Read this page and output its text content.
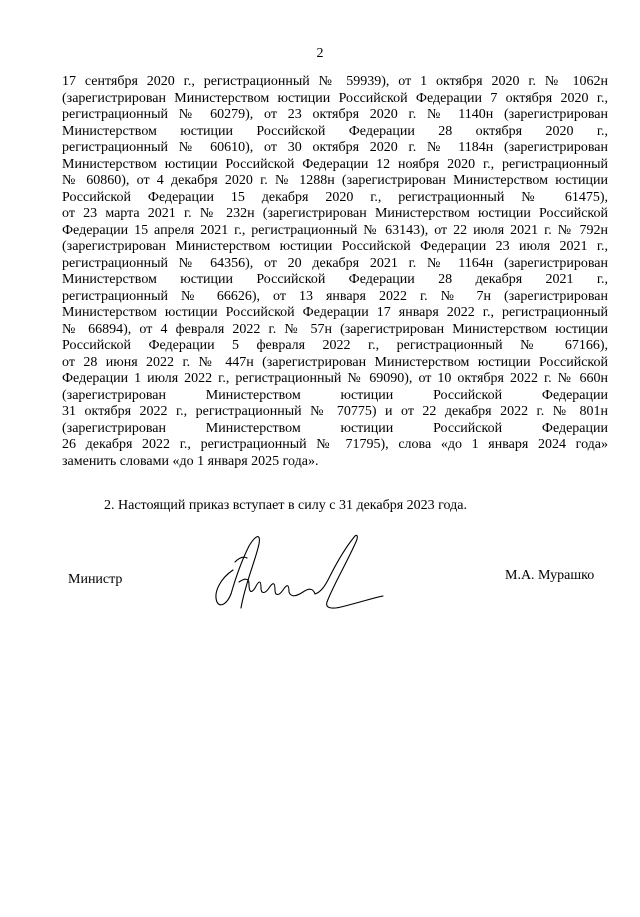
2
17 сентября 2020 г., регистрационный № 59939), от 1 октября 2020 г. № 1062н
(зарегистрирован Министерством юстиции Российской Федерации 7 октября 2020 г.,
регистрационный № 60279), от 23 октября 2020 г. № 1140н (зарегистрирован
Министерством юстиции Российской Федерации 28 октября 2020 г.,
регистрационный № 60610), от 30 октября 2020 г. № 1184н (зарегистрирован
Министерством юстиции Российской Федерации 12 ноября 2020 г., регистрационный
№ 60860), от 4 декабря 2020 г. № 1288н (зарегистрирован Министерством юстиции
Российской Федерации 15 декабря 2020 г., регистрационный № 61475),
от 23 марта 2021 г. № 232н (зарегистрирован Министерством юстиции Российской
Федерации 15 апреля 2021 г., регистрационный № 63143), от 22 июля 2021 г. № 792н
(зарегистрирован Министерством юстиции Российской Федерации 23 июля 2021 г.,
регистрационный № 64356), от 20 декабря 2021 г. № 1164н (зарегистрирован
Министерством юстиции Российской Федерации 28 декабря 2021 г.,
регистрационный № 66626), от 13 января 2022 г. № 7н (зарегистрирован
Министерством юстиции Российской Федерации 17 января 2022 г., регистрационный
№ 66894), от 4 февраля 2022 г. № 57н (зарегистрирован Министерством юстиции
Российской Федерации 5 февраля 2022 г., регистрационный № 67166),
от 28 июня 2022 г. № 447н (зарегистрирован Министерством юстиции Российской
Федерации 1 июля 2022 г., регистрационный № 69090), от 10 октября 2022 г. № 660н
(зарегистрирован Министерством юстиции Российской Федерации
31 октября 2022 г., регистрационный № 70775) и от 22 декабря 2022 г. № 801н
(зарегистрирован Министерством юстиции Российской Федерации
26 декабря 2022 г., регистрационный № 71795), слова «до 1 января 2024 года»
заменить словами «до 1 января 2025 года».
2. Настоящий приказ вступает в силу с 31 декабря 2023 года.
Министр	М.А. Мурашко
